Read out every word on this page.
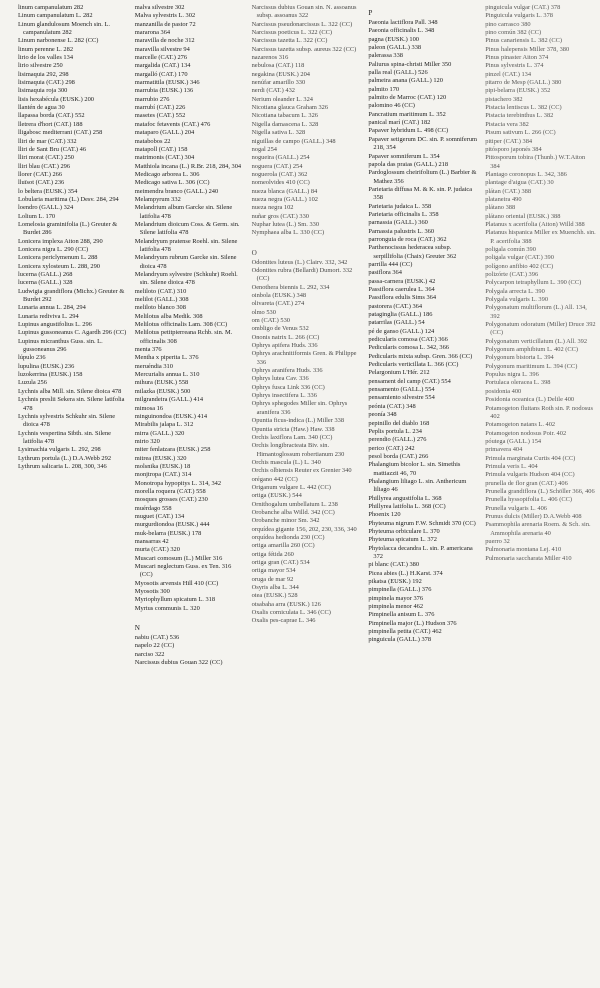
linum campanulatum 282
Linum campanulatum L. 282
Linum glandulosum Moench sin. L. campanulatum 282
Linum narbonense L. 282 (CC)
linum perenne L. 282
lirio de los valles 134
lirio silvestre 250
lisimaquia 292, 298
lisimaquia (CAT.) 298
lisimaquia roja 300
lisis hexabécula (EUSK.) 200
llantén de agua 30
llapassa borda (CAT.) 552
lletrera d'hort (CAT.) 188
lligabosc mediterrani (CAT.) 258
lliri de mar (CAT.) 332
lliri de Sant Bru (CAT.) 46
lliri morat (CAT.) 250
lliri blau (CAT.) 296
llorer (CAT.) 266
lluïsot (CAT.) 236
lo beltera (EUSK.) 354
Lobularia maritima (L.) Desv. 284, 294
loendro (GALL.) 324
Lolium L. 170
Lomelosia graminifolia (L.) Greuter & Burdet 286
Lonicera implexa Aiton 288, 290
Lonicera nigra L. 290 (CC)
Lonicera periclymenum L. 288
Lonicera xylosteum L. 288, 290
lucerna (GALL.) 268
lucerna (GALL.) 328
Ludwigia grandiflora (Michx.) Greuter & Burdet 292
Lunaria annua L. 284, 294
Lunaria rediviva L. 294
Lupinus angustifolius L. 296
Lupinus gussoneanus C. Agardh 296 (CC)
Lupinus micranthus Guss. sin. L. gussoneanus 296
lúpulo 236
lupulina (EUSK.) 236
luzokerrina (EUSK.) 158
Luzula 256
Lychnis alba Mill. sin. Silene dioica 478
Lychnis preslii Sekera sin. Silene latifolia 478
Lychnis sylvestris Schkuhr sin. Silene dioica 478
Lychnis vespertina Sibth. sin. Silene latifolia 478
Lysimachia vulgaris L. 292, 298
Lythrum portula (L.) D.A.Webb 292
Lythrum salicaria L. 208, 300, 346
malva silvestre 302
Malva sylvestris L. 302
manzanilla de pastor 72
mararona 364
maravilla de noche 312
maravilla silvestre 94
marcelle (CAT.) 276
margalida (CAT.) 134
margalló (CAT.) 170
marmatitila (EUSK.) 346
marrubia (EUSK.) 136
marrubio 276
marrubí (CAT.) 226
masetes (CAT.) 552
matafoc fetavents (CAT.) 476
mataparo (GALL.) 204
matabobos 22
matapoll (CAT.) 158
matrimonis (CAT.) 304
Matthiola incana (L.) R.Br. 218, 284, 304
Medicago arborea L. 306
Medicago sativa L. 306 (CC)
meimendra branco (GALL.) 240
Melampyrum 332
Melandrium album Garcke sin. Silene latifolia 478
Melandrium dioicum Coss. & Germ. sin. Silene latifolia 478
Melandryum pratense Roehl. sin. Silene latifolia 478
Melandryum rubrum Garcke sin. Silene dioica 478
Melandryum sylvestre (Schkuhr) Roehl. sin. Silene dioica 478
meliloto (CAT.) 310
melilot (GALL.) 308
meliloto blanco 308
Melilotus alba Medik. 308
Melilotus officinalis Lam. 308 (CC)
Melilotus petitpierreana Rchb. sin. M. officinalis 308
menta 376
Mentha x piperita L. 376
meruéndia 310
Mercurialis annua L. 310
mihura (EUSK.) 558
milazka (EUSK.) 500
milgrandeira (GALL.) 414
mimosa 16
minguinondoa (EUSK.) 414
Mirabilis jalapa L. 312
mirra (GALL.) 320
mirto 320
miter fenlatzara (EUSK.) 258
mitrea (EUSK.) 320
molsnika (EUSK.) 18
monjtropa (CAT.) 314
Monotropa hypopitys L. 314, 342
morella roquera (CAT.) 558
mosques grosses (CAT.) 230
muérdago 558
muguet (CAT.) 134
murgurdiondoa (EUSK.) 444
muk-belarra (EUSK.) 178
mansarras 42
murta (CAT.) 320
Muscari comosum (L.) Miller 316
Muscari neglectum Guss. ex Ten. 316 (CC)
Myosotis arvensis Hill 410 (CC)
Myosotis 300
Myriophyllum spicatum L. 318
Myrtus communis L. 320
N
nabiu (CAT.) 536
napelo 22 (CC)
narciso 322
Narcissus dubius Gouan 322 (CC)
Narcissus dubius Gouan sin. N. assoanus subsp. assoanus 322
Narcissus pseudonarcissus L. 322 (CC)
Narcissus poeticus L. 322 (CC)
Narcissus tazetta L. 322 (CC)
Narcissus tazetta subsp. aureus 322 (CC)
nazarenos 316
nebulosa (CAT.) 118
negakina (EUSK.) 204
nenúfar amarillo 330
nerdi (CAT.) 432
Nerium oleander L. 324
Nicotiana glauca Graham 326
Nicotiana tabacum L. 326
Nigella damascena L. 328
Nigella sativa L. 328
niguillas de campo (GALL.) 348
nogal 254
nogueira (GALL.) 254
noguera (CAT.) 254
noguerola (CAT.) 362
nomeolvides 410 (CC)
nueza blanca (GALL.) 84
nueza negra (GALL.) 102
nueza negra 102
nuñar gros (CAT.) 330
Nuphar lutea (L.) Sm. 330
Nymphaea alba L. 330 (CC)
O
Odontites luteus (L.) Clairv. 332, 342
Odontites rubra (Bellardi) Dumort. 332 (CC)
Oenothera biennis L. 292, 334
oinbola (EUSK.) 348
olivareta (CAT.) 274
olmo 530
om (CAT.) 530
ombligo de Venus 532
Ononis natrix L. 266 (CC)
Ophrys apifera Huds. 336
Ophrys arachnitiformis Gren. & Philippe 336
Ophrys aranifera Huds. 336
Ophrys lutea Cav. 336
Ophrys fusca Link 336 (CC)
Ophrys insectifera L. 336
Ophrys sphegodes Miller sin. Ophrys aranifera 336
Opuntia ficus-indica (L.) Miller 338
Opuntia stricta (Haw.) Haw. 338
Orchis laxiflora Lam. 340 (CC)
Orchis longibracteata Biv. sin. Himantoglossum robertianum 230
Orchis mascula (L.) L. 340
Orchis olbiensis Reuter ex Grenier 340
orégano 442 (CC)
Origanum vulgare L. 442 (CC)
ortiga (EUSK.) 544
Ornithogalum umbellatum L. 238
Orobanche alba Willd. 342 (CC)
Orobanche minor Sm. 342
orquídea gigante 156, 202, 230, 336, 340
orquídea hedionda 230 (CC)
ortiga amarilla 260 (CC)
ortiga fétida 260
ortiga gran (CAT.) 534
ortiga mayor 534
oruga de mar 92
Osyris alba L. 344
otea (EUSK.) 528
otsabaha arra (EUSK.) 126
Oxalis corniculata L. 346 (CC)
Oxalis pes-caprae L. 346
P
Paeonia lactiflora Pall. 348
Paeonia officinalis L. 348
pagna (EUSK.) 100
paleon (GALL.) 338
palerassa 338
Paliurus spina-christi Miller 350
palla real (GALL.) 526
palmeira anana (GALL.) 120
palmito 170
palmito de Marroc (CAT.) 120
palomino 46 (CC)
Pancratium maritimum L. 352
panical marí (CAT.) 182
Papaver hybridum L. 498 (CC)
Papaver setigerum DC. sin. P. somniferum 218, 354
Papaver somniferum L. 354
papola das praias (GALL.) 218
Pardoglossum cheirifolium (L.) Barbier & Mathez 356
Parietaria diffusa M. & K. sin. P. judaica 358
Parietaria judaica L. 358
Parietaria officinalis L. 358
parnassia (GALL.) 360
Parnassia palustris L. 360
parronguia de roca (CAT.) 362
Parthenocissus hederacea subsp. serpillifolia (Chaix) Greuter 362
parrilla 444 (CC)
pasiflora 364
passa-carnera (EUSK.) 42
Passiflora caerulea L. 364
Passiflora edulis Sims 364
pastorera (CAT.) 364
pataginglia (GALL.) 186
patarrilas (GALL.) 54
pé de ganso (GALL.) 124
pedicularis comosa (CAT.) 366
Pedicularis comosa L. 342, 366
Pedicularis mixta subsp. Gren. 366 (CC)
Pedicularis verticillata L. 366 (CC)
Pelargonium L'Hér. 212
pensament del camp (CAT.) 554
pensamento (GALL.) 554
pensamiento silvestre 554
peónia (CAT.) 348
peonía 348
pepinillo del diablo 168
Peplis portula L. 234
perendio (GALL.) 276
perico (CAT.) 242
pesol borda (CAT.) 266
Phalangium bicolor L. sin. Simethis mattiazzii 46, 70
Phalangium liliago L. sin. Anthericum liliago 46
Phillyrea angustifolia L. 368
Phillyrea latifolia L. 368 (CC)
Phoenix 120
Phyteuma nigrum F.W. Schmidt 370 (CC)
Phyteuma orbiculare L. 370
Phyteuma spicatum L. 372
Phytolacca decandra L. sin. P. americana 372
pi blanc (CAT.) 380
Picea abies (L.) H.Karst. 374
pikatsa (EUSK.) 192
pimpinella (GALL.) 376
pimpinela mayor 376
pimpinela menor 462
Pimpinella anisum L. 376
Pimpinella major (L.) Hudson 376
pimpinella petita (CAT.) 462
pinguicula (GALL.) 378
pinguicula vulgar (CAT.) 378
Pinguicula vulgaris L. 378
pino carrasco 380
pino común 382 (CC)
Pinus canariensis L. 382 (CC)
Pinus halepensis Miller 378, 380
Pinus pinaster Aiton 374
Pinus sylvestris L. 374
pinzel (CAT.) 134
pitarro de Mesp (GALL.) 380
pipi-belarra (EUSK.) 352
pistachero 382
Pistacia lentiscus L. 382 (CC)
Pistacia terebinthus L. 382
Pistacia vera 382
Pisum sativum L. 266 (CC)
pitiper (CAT.) 384
pitósporo japonés 384
Pittosporum tobira (Thunb.) W.T.Aiton 384
Plantago coronopus L. 342, 386
plantage d'aigua (CAT.) 30
plátan (CAT.) 388
plataneira 490
plátano 388
plátano oriental (EUSK.) 388
Platanus x acerifolia (Aiton) Willd 388
Platanus hispanica Miller ex Muenchh. sin. P. acerifolia 388
poligala común 390
poligala vulgar (CAT.) 390
polígono anfibio 402 (CC)
polizórte (CAT.) 396
Polycarpon tetraphyllum L. 390 (CC)
Polygala arrecta L. 390
Polygala vulgaris L. 390
Polygonatum multiflorum (L.) All. 134, 392
Polygonatum odoratum (Miller) Druce 392 (CC)
Polygonatum verticillatum (L.) All. 392
Polygonum amphibium L. 402 (CC)
Polygonum bistorta L. 394
Polygonum maritimum L. 394 (CC)
Populus nigra L. 396
Portulaca oleracea L. 398
posidonia 400
Posidonia oceanica (L.) Delile 400
Potamogeton fluitans Roth sin. P. nodosus 402
Potamogeton natans L. 402
Potamogeton nodosus Poir. 402
póutega (GALL.) 154
primavera 404
Primula marginata Curtis 404 (CC)
Primula veris L. 404
Primula vulgaris Hudson 404 (CC)
prunella de flor gran (CAT.) 406
Prunella grandiflora (L.) Schöller 366, 406
Prunella hyssopifolia L. 406 (CC)
Prunella vulgaris L. 406
Prunus dulcis (Miller) D.A.Webb 408
Psammophila arenaria Roem. & Sch. sin. Ammophila arenaria 40
puerro 32
Pulmonaria montana Lej. 410
Pulmonaria saccharata Miller 410
